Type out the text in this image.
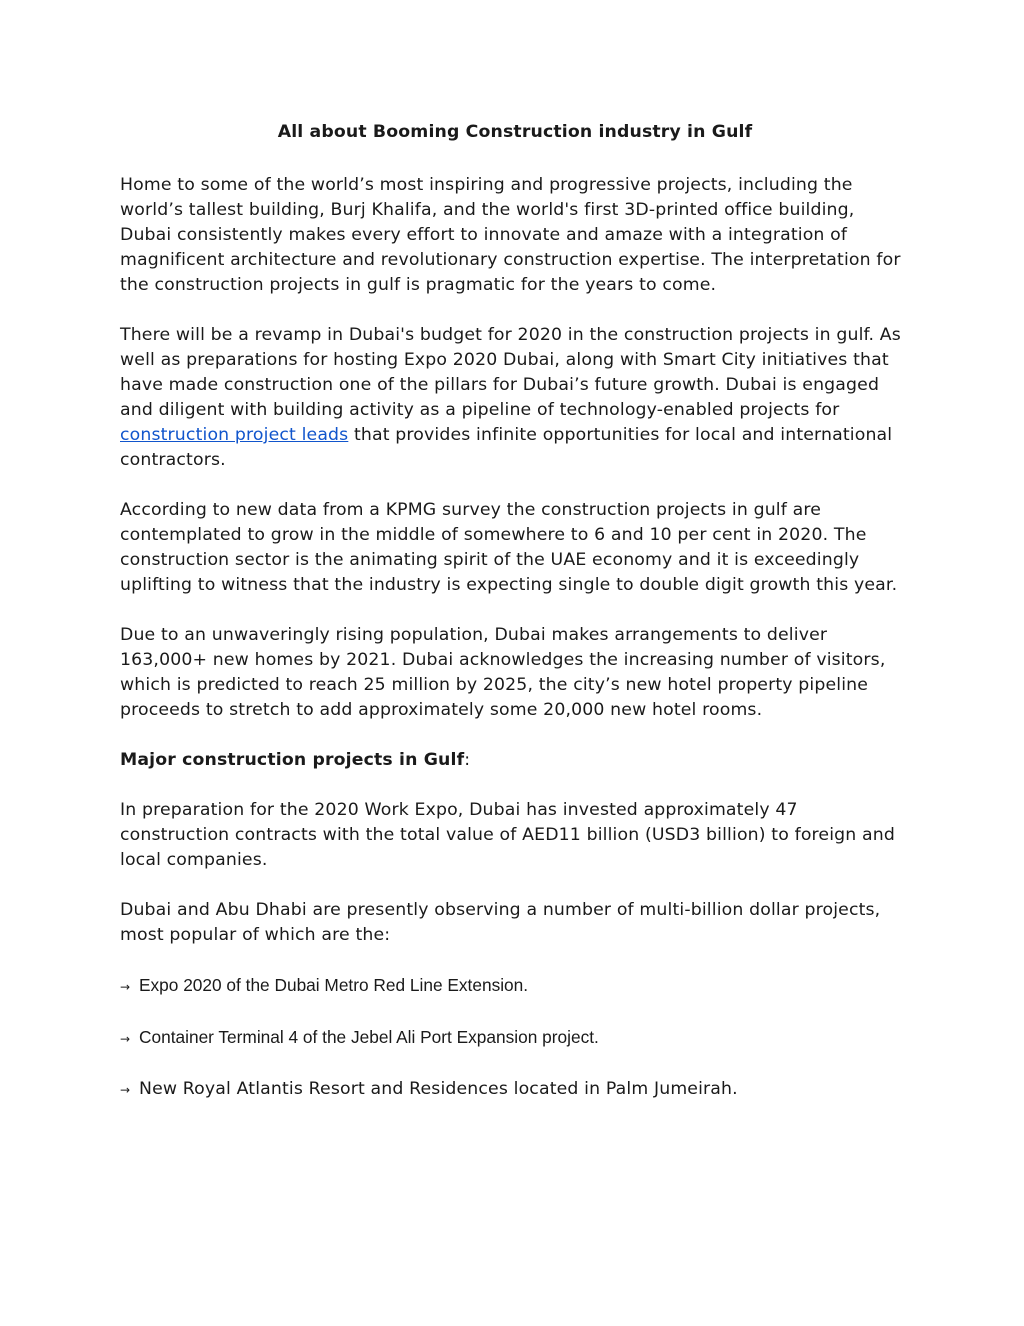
All about Booming Construction industry in Gulf
Home to some of the world’s most inspiring and progressive projects, including the world’s tallest building, Burj Khalifa, and the world's first 3D-printed office building, Dubai consistently makes every effort to innovate and amaze with a integration of magnificent architecture and revolutionary construction expertise. The interpretation for the construction projects in gulf is pragmatic for the years to come.
There will be a revamp in Dubai's budget for 2020 in the construction projects in gulf. As well as preparations for hosting Expo 2020 Dubai, along with Smart City initiatives that have made construction one of the pillars for Dubai’s future growth. Dubai is engaged and diligent with building activity as a pipeline of technology-enabled projects for construction project leads that provides infinite opportunities for local and international contractors.
According to new data from a KPMG survey the construction projects in gulf are contemplated to grow in the middle of somewhere to 6 and 10 per cent in 2020. The construction sector is the animating spirit of the UAE economy and it is exceedingly uplifting to witness that the industry is expecting single to double digit growth this year.
Due to an unwaveringly rising population, Dubai makes arrangements to deliver 163,000+ new homes by 2021. Dubai acknowledges the increasing number of visitors, which is predicted to reach 25 million by 2025, the city’s new hotel property pipeline proceeds to stretch to add approximately some 20,000 new hotel rooms.
Major construction projects in Gulf:
In preparation for the 2020 Work Expo, Dubai has invested approximately 47 construction contracts with the total value of AED11 billion (USD3 billion) to foreign and local companies.
Dubai and Abu Dhabi are presently observing a number of multi-billion dollar projects, most popular of which are the:
→ Expo 2020 of the Dubai Metro Red Line Extension.
→ Container Terminal 4 of the Jebel Ali Port Expansion project.
→ New Royal Atlantis Resort and Residences located in Palm Jumeirah.
